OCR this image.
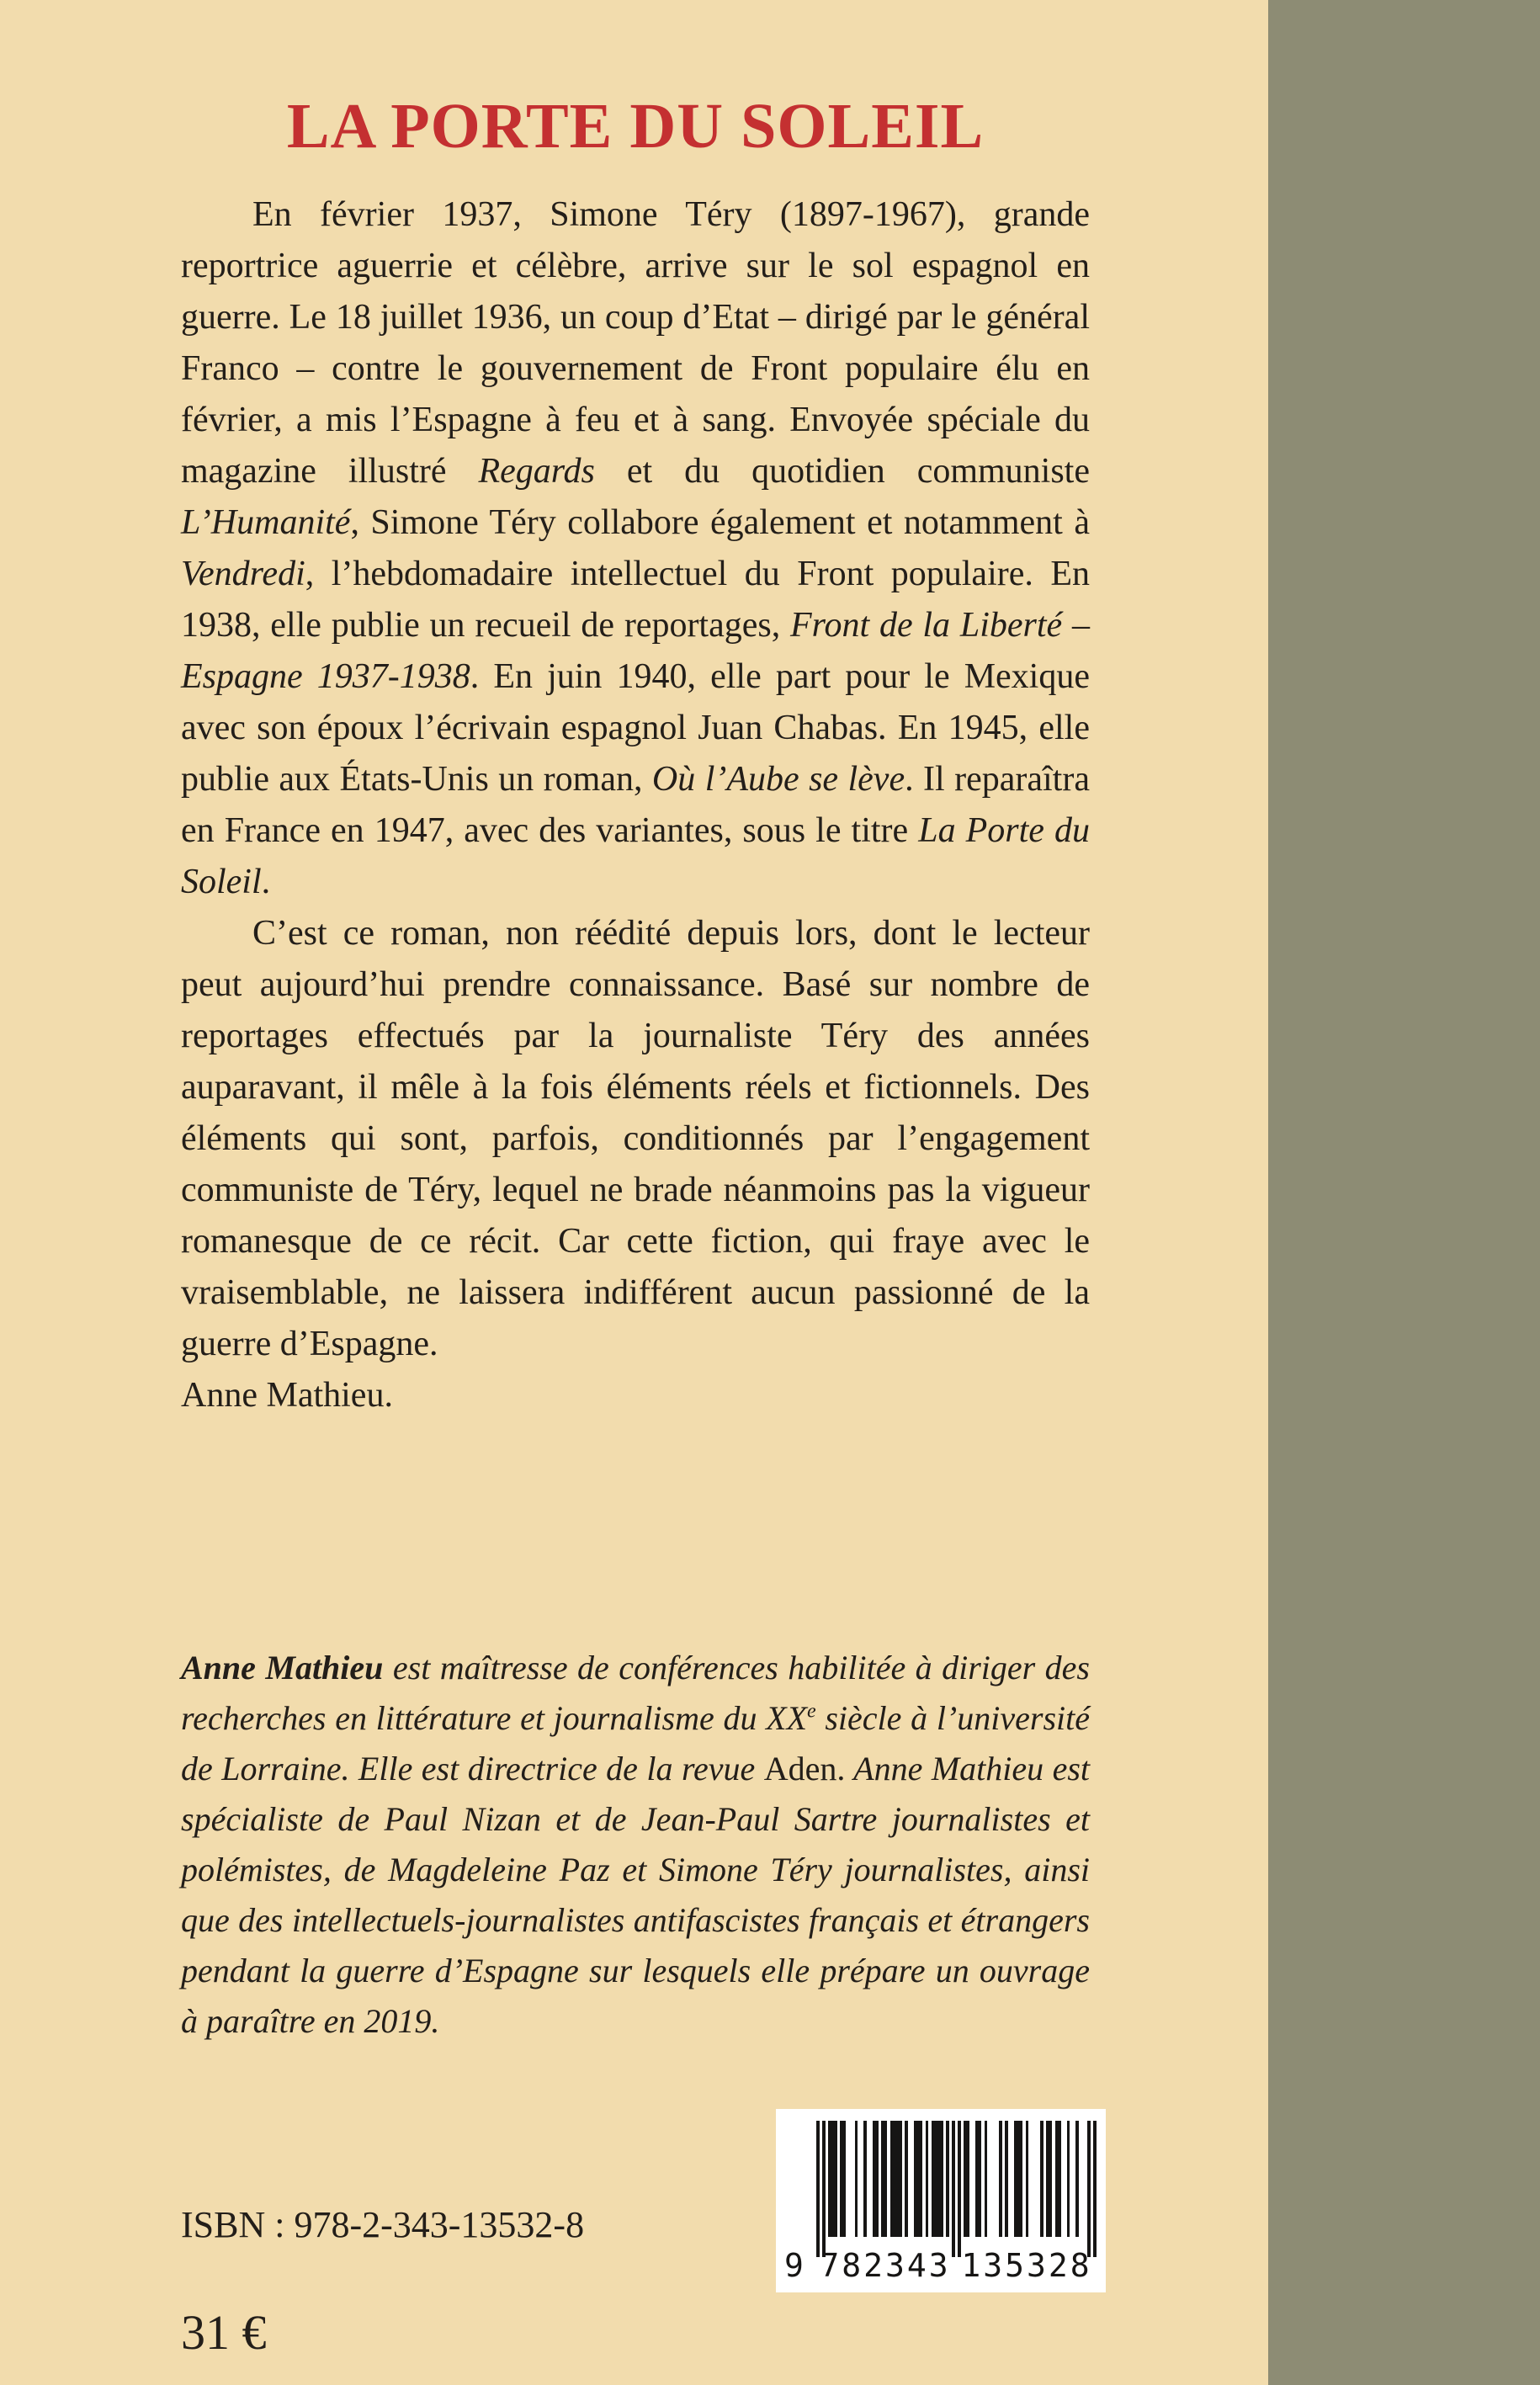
LA PORTE DU SOLEIL

En février 1937, Simone Téry (1897-1967), grande reportrice aguerrie et célèbre, arrive sur le sol espagnol en guerre. Le 18 juillet 1936, un coup d’Etat – dirigé par le général Franco – contre le gouvernement de Front populaire élu en février, a mis l’Espagne à feu et à sang. Envoyée spéciale du magazine illustré Regards et du quotidien communiste L’Humanité, Simone Téry collabore également et notamment à Vendredi, l’hebdomadaire intellectuel du Front populaire. En 1938, elle publie un recueil de reportages, Front de la Liberté – Espagne 1937-1938. En juin 1940, elle part pour le Mexique avec son époux l’écrivain espagnol Juan Chabas. En 1945, elle publie aux États-Unis un roman, Où l’Aube se lève. Il reparaîtra en France en 1947, avec des variantes, sous le titre La Porte du Soleil.

C’est ce roman, non réédité depuis lors, dont le lecteur peut aujourd’hui prendre connaissance. Basé sur nombre de reportages effectués par la journaliste Téry des années auparavant, il mêle à la fois éléments réels et fictionnels. Des éléments qui sont, parfois, conditionnés par l’engagement communiste de Téry, lequel ne brade néanmoins pas la vigueur romanesque de ce récit. Car cette fiction, qui fraye avec le vraisemblable, ne laissera indifférent aucun passionné de la guerre d’Espagne.

Anne Mathieu.

Anne Mathieu est maîtresse de conférences habilitée à diriger des recherches en littérature et journalisme du XXe siècle à l’université de Lorraine. Elle est directrice de la revue Aden. Anne Mathieu est spécialiste de Paul Nizan et de Jean-Paul Sartre journalistes et polémistes, de Magdeleine Paz et Simone Téry journalistes, ainsi que des intellectuels-journalistes antifascistes français et étrangers pendant la guerre d’Espagne sur lesquels elle prépare un ouvrage à paraître en 2019.

ISBN : 978-2-343-13532-8
31 €
9 782343 135328
